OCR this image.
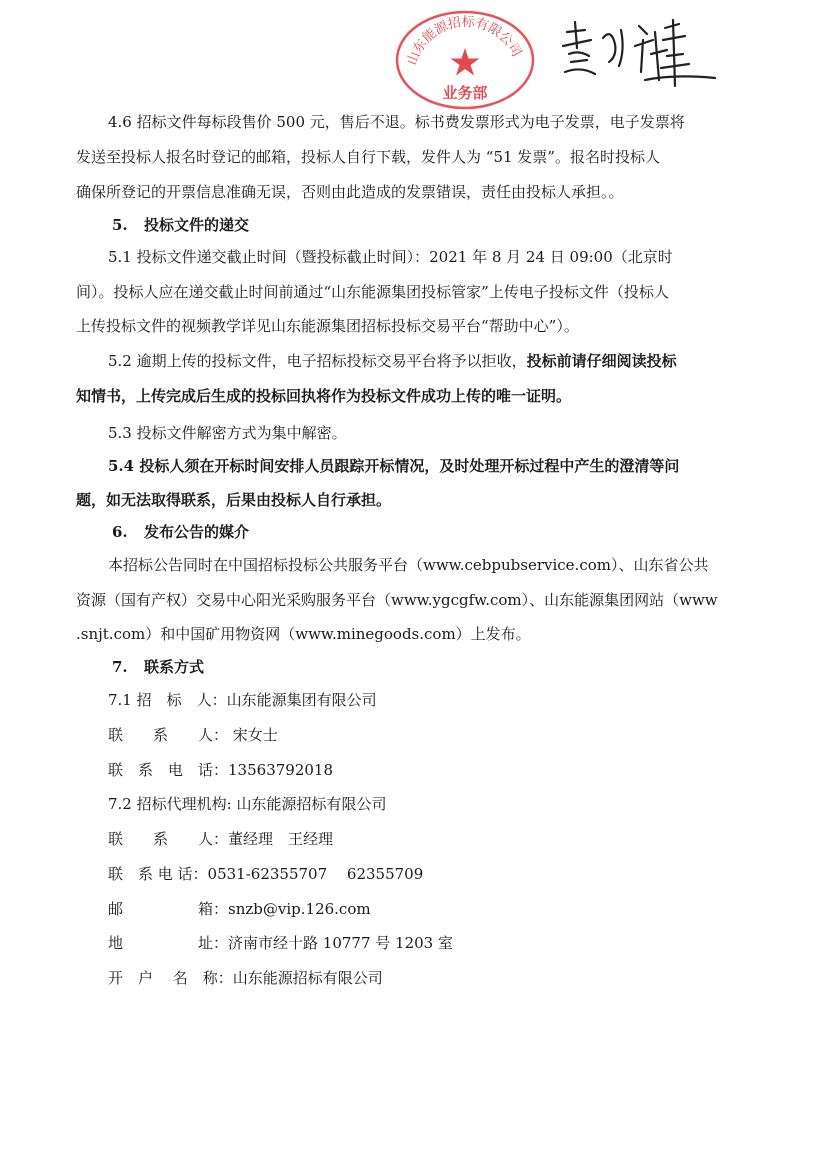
山东能源招标有限公司
业务部
4.6 招标文件每标段售价 500 元，售后不退。标书费发票形式为电子发票，电子发票将
发送至投标人报名时登记的邮箱，投标人自行下载，发件人为 “51 发票”。报名时投标人
确保所登记的开票信息准确无误，否则由此造成的发票错误，责任由投标人承担。。
5. 投标文件的递交
5.1 投标文件递交截止时间（暨投标截止时间）：2021 年 8 月 24 日 09:00（北京时
间）。投标人应在递交截止时间前通过“山东能源集团投标管家”上传电子投标文件（投标人
上传投标文件的视频教学详见山东能源集团招标投标交易平台“帮助中心”）。
5.2 逾期上传的投标文件，电子招标投标交易平台将予以拒收，投标前请仔细阅读投标
知情书，上传完成后生成的投标回执将作为投标文件成功上传的唯一证明。
5.3 投标文件解密方式为集中解密。
5.4 投标人须在开标时间安排人员跟踪开标情况，及时处理开标过程中产生的澄清等问
题，如无法取得联系，后果由投标人自行承担。
6. 发布公告的媒介
本招标公告同时在中国招标投标公共服务平台（www.cebpubservice.com）、山东省公共
资源（国有产权）交易中心阳光采购服务平台（www.ygcgfw.com）、山东能源集团网站（www
.snjt.com）和中国矿用物资网（www.minegoods.com）上发布。
7. 联系方式
7.1 招　标　人：山东能源集团有限公司
联　　系　　人： 宋女士
联　系　电　话：13563792018
7.2 招标代理机构: 山东能源招标有限公司
联　　系　　人：董经理　王经理
联　系 电 话：0531-62355707　 62355709
邮　　　　　箱：snzb@vip.126.com
地　　　　　址：济南市经十路 10777 号 1203 室
开　户　 名　称：山东能源招标有限公司
